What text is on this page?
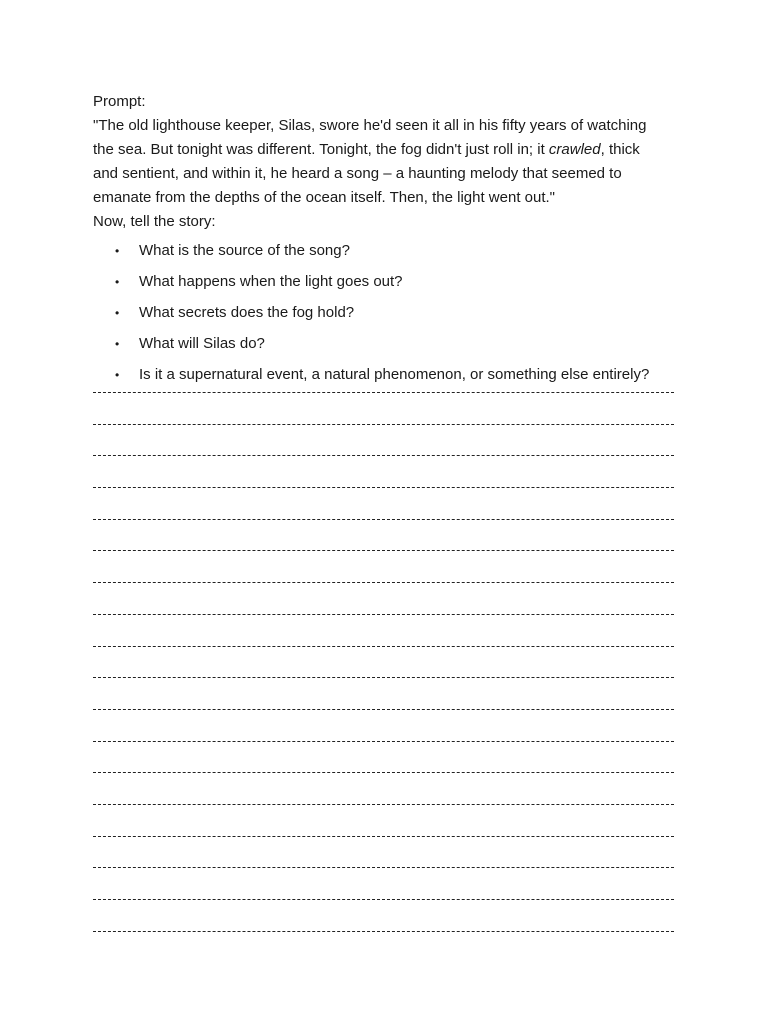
Prompt:
"The old lighthouse keeper, Silas, swore he'd seen it all in his fifty years of watching
the sea. But tonight was different. Tonight, the fog didn't just roll in; it crawled, thick
and sentient, and within it, he heard a song – a haunting melody that seemed to
emanate from the depths of the ocean itself. Then, the light went out."
Now, tell the story:
• What is the source of the song?
• What happens when the light goes out?
• What secrets does the fog hold?
• What will Silas do?
• Is it a supernatural event, a natural phenomenon, or something else entirely?
